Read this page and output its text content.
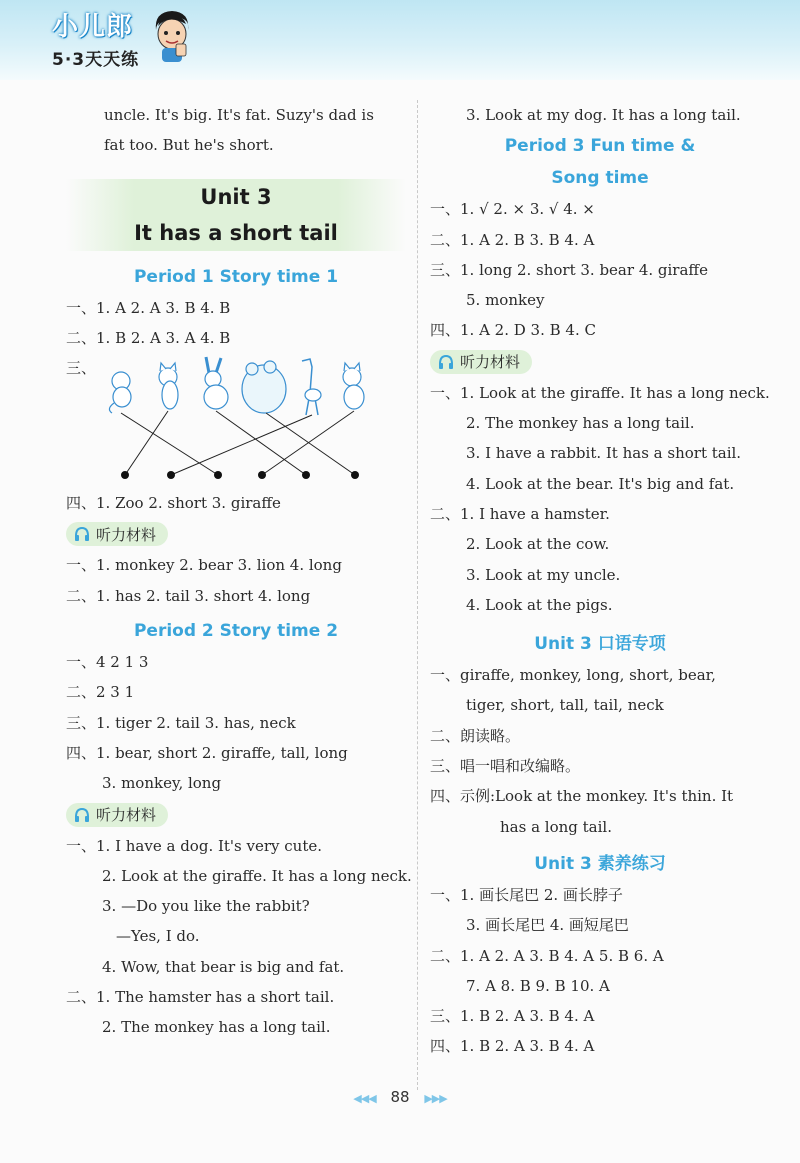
小儿郎
5·3天天练
uncle. It's big. It's fat. Suzy's dad is
fat too. But he's short.
Unit 3
It has a short tail
Period 1 Story time 1
一、1. A 2. A 3. B 4. B
二、1. B 2. A 3. A 4. B
三、
四、1. Zoo 2. short 3. giraffe
听力材料
一、1. monkey 2. bear 3. lion 4. long
二、1. has 2. tail 3. short 4. long
Period 2 Story time 2
一、4 2 1 3
二、2 3 1
三、1. tiger 2. tail 3. has, neck
四、1. bear, short 2. giraffe, tall, long
3. monkey, long
听力材料
一、1. I have a dog. It's very cute.
2. Look at the giraffe. It has a long neck.
3. —Do you like the rabbit?
—Yes, I do.
4. Wow, that bear is big and fat.
二、1. The hamster has a short tail.
2. The monkey has a long tail.
3. Look at my dog. It has a long tail.
Period 3 Fun time &
Song time
一、1. √ 2. × 3. √ 4. ×
二、1. A 2. B 3. B 4. A
三、1. long 2. short 3. bear 4. giraffe
5. monkey
四、1. A 2. D 3. B 4. C
听力材料
一、1. Look at the giraffe. It has a long neck.
2. The monkey has a long tail.
3. I have a rabbit. It has a short tail.
4. Look at the bear. It's big and fat.
二、1. I have a hamster.
2. Look at the cow.
3. Look at my uncle.
4. Look at the pigs.
Unit 3 口语专项
一、giraffe, monkey, long, short, bear,
tiger, short, tall, tail, neck
二、朗读略。
三、唱一唱和改编略。
四、示例:Look at the monkey. It's thin. It
has a long tail.
Unit 3 素养练习
一、1. 画长尾巴 2. 画长脖子
3. 画长尾巴 4. 画短尾巴
二、1. A 2. A 3. B 4. A 5. B 6. A
7. A 8. B 9. B 10. A
三、1. B 2. A 3. B 4. A
四、1. B 2. A 3. B 4. A
◀◀◀ 88 ▶▶▶
